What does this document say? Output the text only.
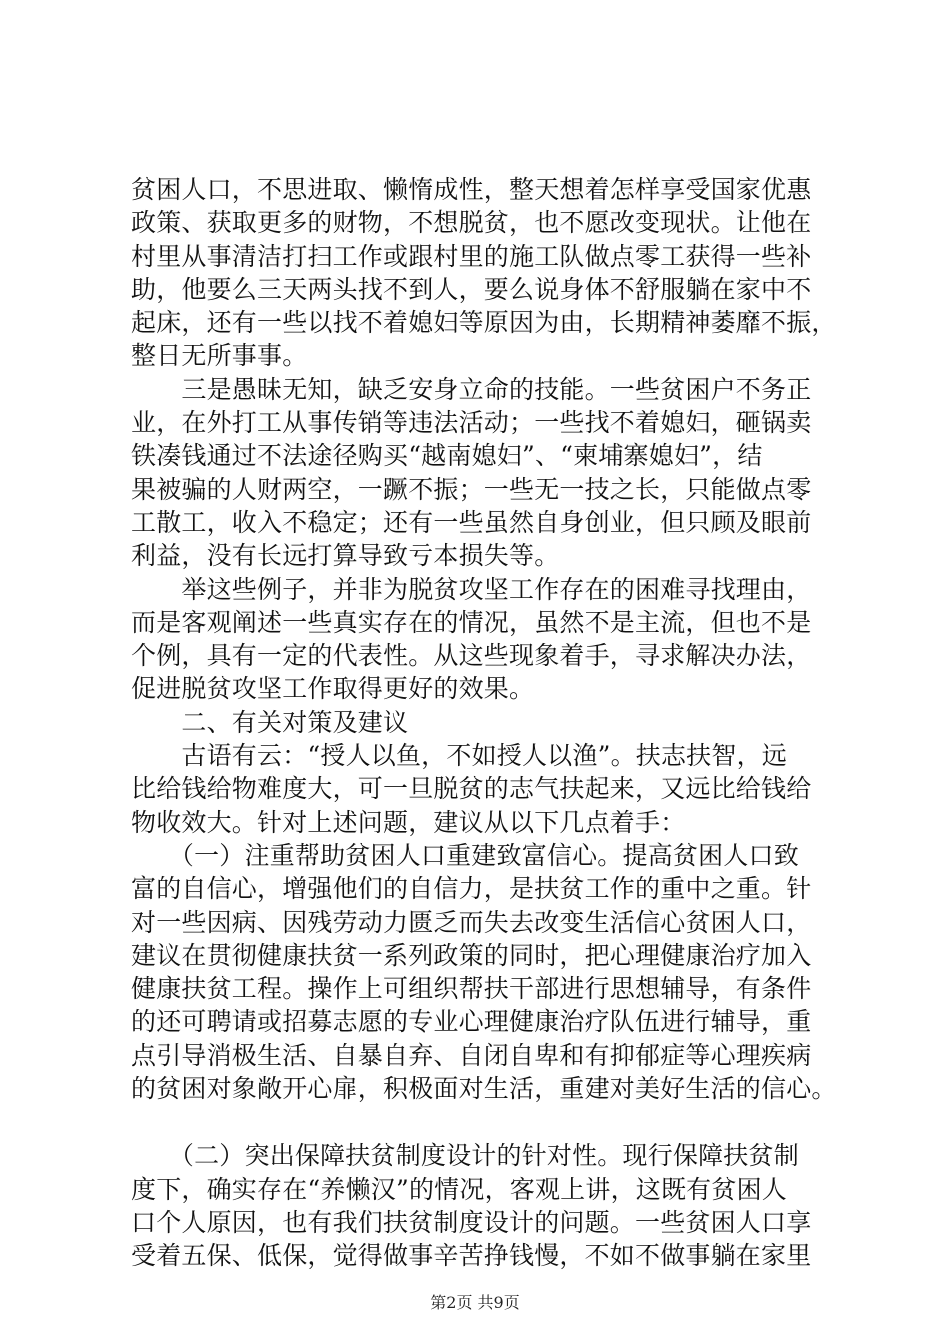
贫困人口，不思进取、懒惰成性，整天想着怎样享受国家优惠
政策、获取更多的财物，不想脱贫，也不愿改变现状。让他在
村里从事清洁打扫工作或跟村里的施工队做点零工获得一些补
助，他要么三天两头找不到人，要么说身体不舒服躺在家中不
起床，还有一些以找不着媳妇等原因为由，长期精神萎靡不振，
整日无所事事。
　　三是愚昧无知，缺乏安身立命的技能。一些贫困户不务正
业，在外打工从事传销等违法活动；一些找不着媳妇，砸锅卖
铁凑钱通过不法途径购买“越南媳妇”、“柬埔寨媳妇”，结
果被骗的人财两空，一蹶不振；一些无一技之长，只能做点零
工散工，收入不稳定；还有一些虽然自身创业，但只顾及眼前
利益，没有长远打算导致亏本损失等。
　　举这些例子，并非为脱贫攻坚工作存在的困难寻找理由，
而是客观阐述一些真实存在的情况，虽然不是主流，但也不是
个例，具有一定的代表性。从这些现象着手，寻求解决办法，
促进脱贫攻坚工作取得更好的效果。
　　二、有关对策及建议
　　古语有云：“授人以鱼，不如授人以渔”。扶志扶智，远
比给钱给物难度大，可一旦脱贫的志气扶起来，又远比给钱给
物收效大。针对上述问题，建议从以下几点着手：
　　（一）注重帮助贫困人口重建致富信心。提高贫困人口致
富的自信心，增强他们的自信力，是扶贫工作的重中之重。针
对一些因病、因残劳动力匮乏而失去改变生活信心贫困人口，
建议在贯彻健康扶贫一系列政策的同时，把心理健康治疗加入
健康扶贫工程。操作上可组织帮扶干部进行思想辅导，有条件
的还可聘请或招募志愿的专业心理健康治疗队伍进行辅导，重
点引导消极生活、自暴自弃、自闭自卑和有抑郁症等心理疾病
的贫困对象敞开心扉，积极面对生活，重建对美好生活的信心。
　　（二）突出保障扶贫制度设计的针对性。现行保障扶贫制
度下，确实存在“养懒汉”的情况，客观上讲，这既有贫困人
口个人原因，也有我们扶贫制度设计的问题。一些贫困人口享
受着五保、低保，觉得做事辛苦挣钱慢，不如不做事躺在家里
第2页 共9页
